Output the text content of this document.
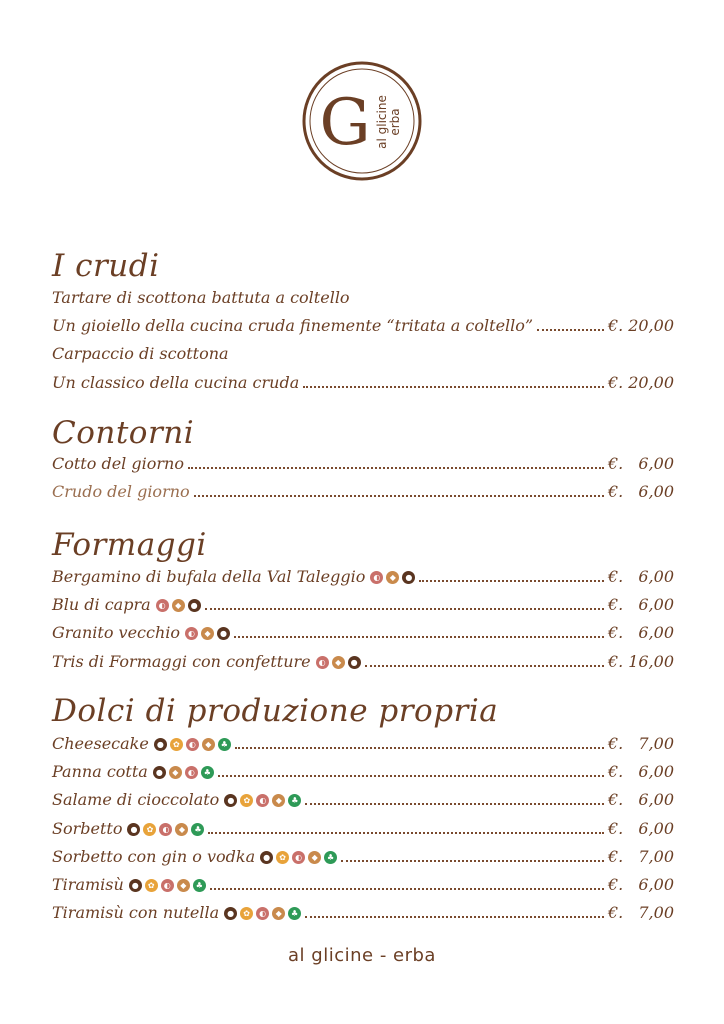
G al glicine erba
I crudi
Tartare di scottona battuta a coltello
Un gioiello della cucina cruda finemente “tritata a coltello”	€. 20,00
Carpaccio di scottona
Un classico della cucina cruda	€. 20,00
Contorni
Cotto del giorno	€. 6,00
Crudo del giorno	€. 6,00
Formaggi
Bergamino di bufala della Val Taleggio	◐	◆	●	€. 6,00
Blu di capra	◐	◆	●	€. 6,00
Granito vecchio	◐	◆	●	€. 6,00
Tris di Formaggi con confetture	◐	◆	●	€. 16,00
Dolci di produzione propria
Cheesecake	●	✿	◐	◆	♣	€. 7,00
Panna cotta	●	◆	◐	♣	€. 6,00
Salame di cioccolato	●	✿	◐	◆	♣	€. 6,00
Sorbetto	●	✿	◐	◆	♣	€. 6,00
Sorbetto con gin o vodka	●	✿	◐	◆	♣	€. 7,00
Tiramisù	●	✿	◐	◆	♣	€. 6,00
Tiramisù con nutella	●	✿	◐	◆	♣	€. 7,00
al glicine - erba
